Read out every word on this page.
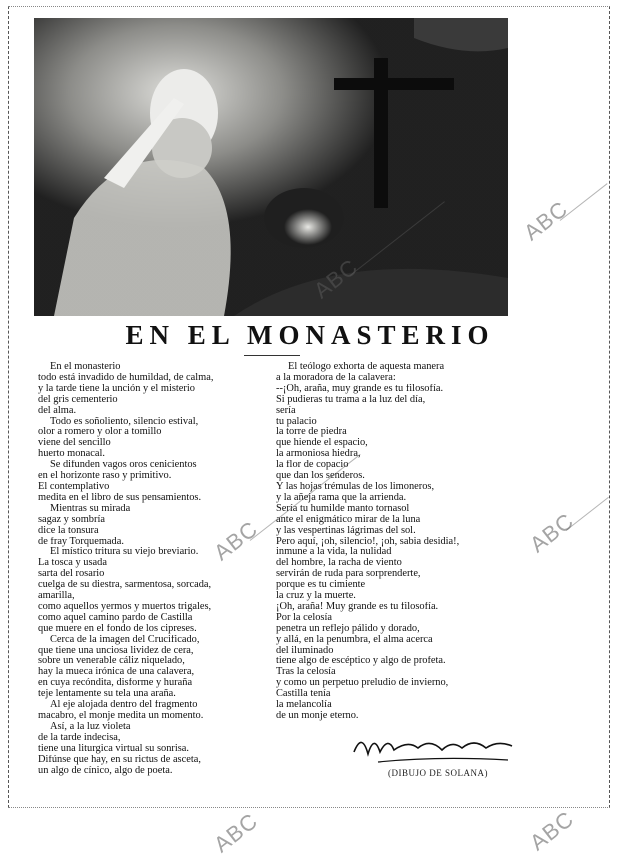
EN EL MONASTERIO
En el monasterio
todo está invadido de humildad, de calma,
y la tarde tiene la unción y el misterio
del gris cementerio
del alma.
Todo es soñoliento, silencio estival,
olor a romero y olor a tomillo
viene del sencillo
huerto monacal.
Se difunden vagos oros cenicientos
en el horizonte raso y primitivo.
El contemplativo
medita en el libro de sus pensamientos.
Mientras su mirada
sagaz y sombría
dice la tonsura
de fray Torquemada.
El místico tritura su viejo breviario.
La tosca y usada
sarta del rosario
cuelga de su diestra, sarmentosa, sorcada,
amarilla,
como aquellos yermos y muertos trigales,
como aquel camino pardo de Castilla
que muere en el fondo de los cipreses.
Cerca de la imagen del Crucificado,
que tiene una unciosa lividez de cera,
sobre un venerable cáliz niquelado,
hay la mueca irónica de una calavera,
en cuya recóndita, disforme y huraña
teje lentamente su tela una araña.
Al eje alojada dentro del fragmento
macabro, el monje medita un momento.
Así, a la luz violeta
de la tarde indecisa,
tiene una liturgica virtual su sonrisa.
Difúnse que hay, en su rictus de asceta,
un algo de cínico, algo de poeta.
El teólogo exhorta de aquesta manera
a la moradora de la calavera:
--¡Oh, araña, muy grande es tu filosofía.
Si pudieras tu trama a la luz del día,
sería
tu palacio
la torre de piedra
que hiende el espacio,
la armoniosa hiedra,
la flor de copacio
que dan los senderos.
Y las hojas trémulas de los limoneros,
y la añeja rama que la arrienda.
Sería tu humilde manto tornasol
ante el enigmático mirar de la luna
y las vespertinas lágrimas del sol.
Pero aquí, ¡oh, silencio!, ¡oh, sabia desidia!,
inmune a la vida, la nulidad
del hombre, la racha de viento
servirán de ruda para sorprenderte,
porque es tu cimiente
la cruz y la muerte.
¡Oh, araña! Muy grande es tu filosofía.
Por la celosía
penetra un reflejo pálido y dorado,
y allá, en la penumbra, el alma acerca
del iluminado
tiene algo de escéptico y algo de profeta.
Tras la celosía
y como un perpetuo preludio de invierno,
Castilla tenía
la melancolía
de un monje eterno.
(DIBUJO DE SOLANA)
ABC
ABC
ABC	ABC
ABC	ABC
